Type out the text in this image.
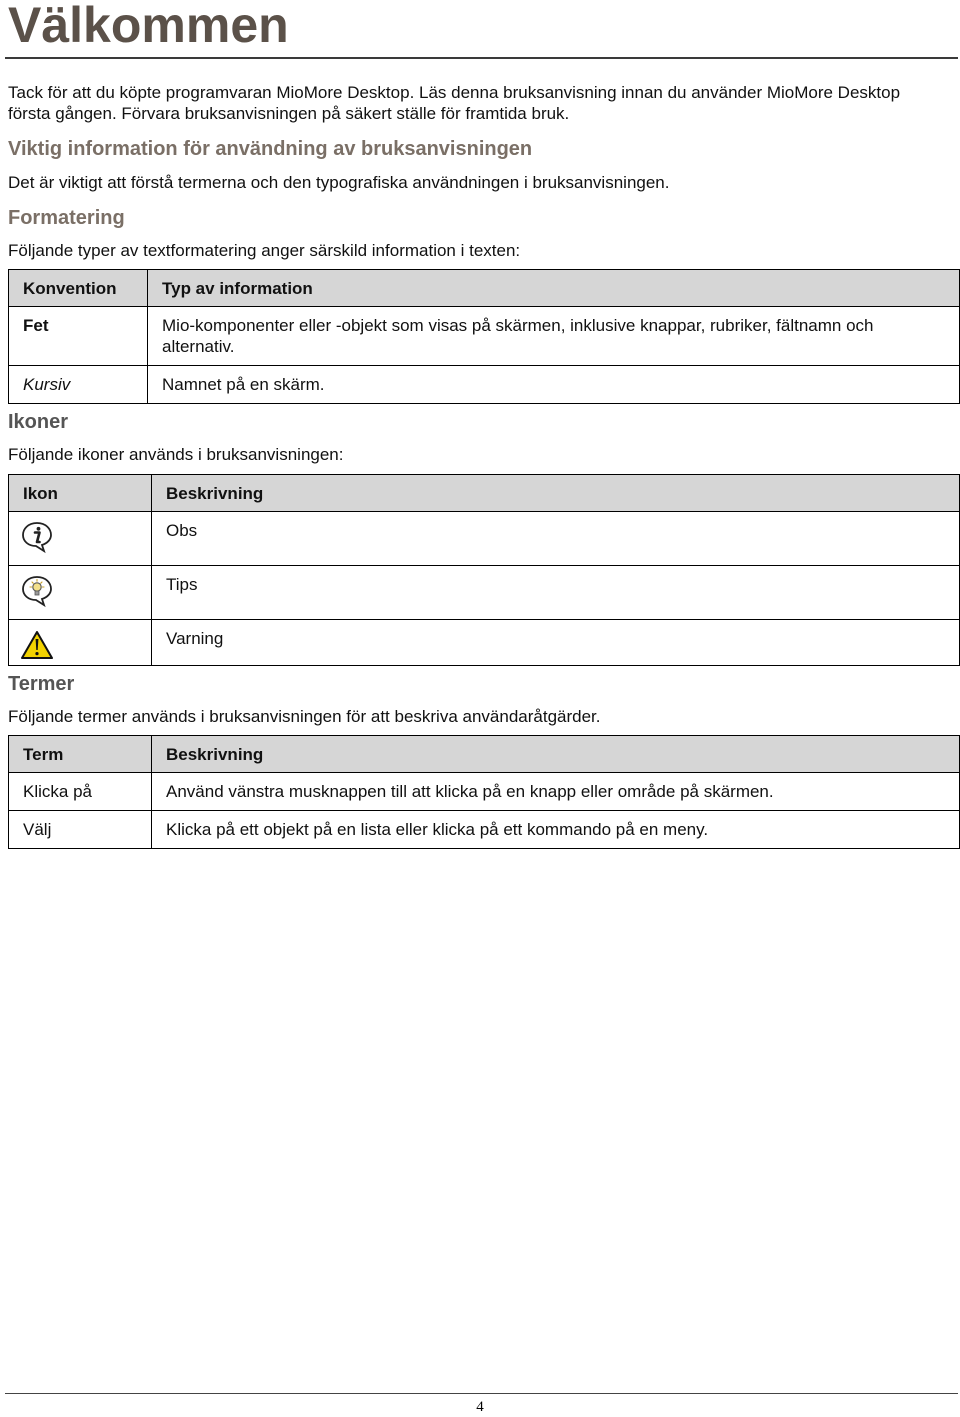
Välkommen

Tack för att du köpte programvaran MioMore Desktop. Läs denna bruksanvisning innan du använder MioMore Desktop första gången. Förvara bruksanvisningen på säkert ställe för framtida bruk.

Viktig information för användning av bruksanvisningen

Det är viktigt att förstå termerna och den typografiska användningen i bruksanvisningen.

Formatering

Följande typer av textformatering anger särskild information i texten:

Konvention	Typ av information
Fet	Mio-komponenter eller -objekt som visas på skärmen, inklusive knappar, rubriker, fältnamn och alternativ.
Kursiv	Namnet på en skärm.
Ikoner

Följande ikoner används i bruksanvisningen:

Ikon	Beskrivning

	Obs

	Tips

	Varning
Termer

Följande termer används i bruksanvisningen för att beskriva användaråtgärder.

Term	Beskrivning
Klicka på	Använd vänstra musknappen till att klicka på en knapp eller område på skärmen.
Välj	Klicka på ett objekt på en lista eller klicka på ett kommando på en meny.
4
